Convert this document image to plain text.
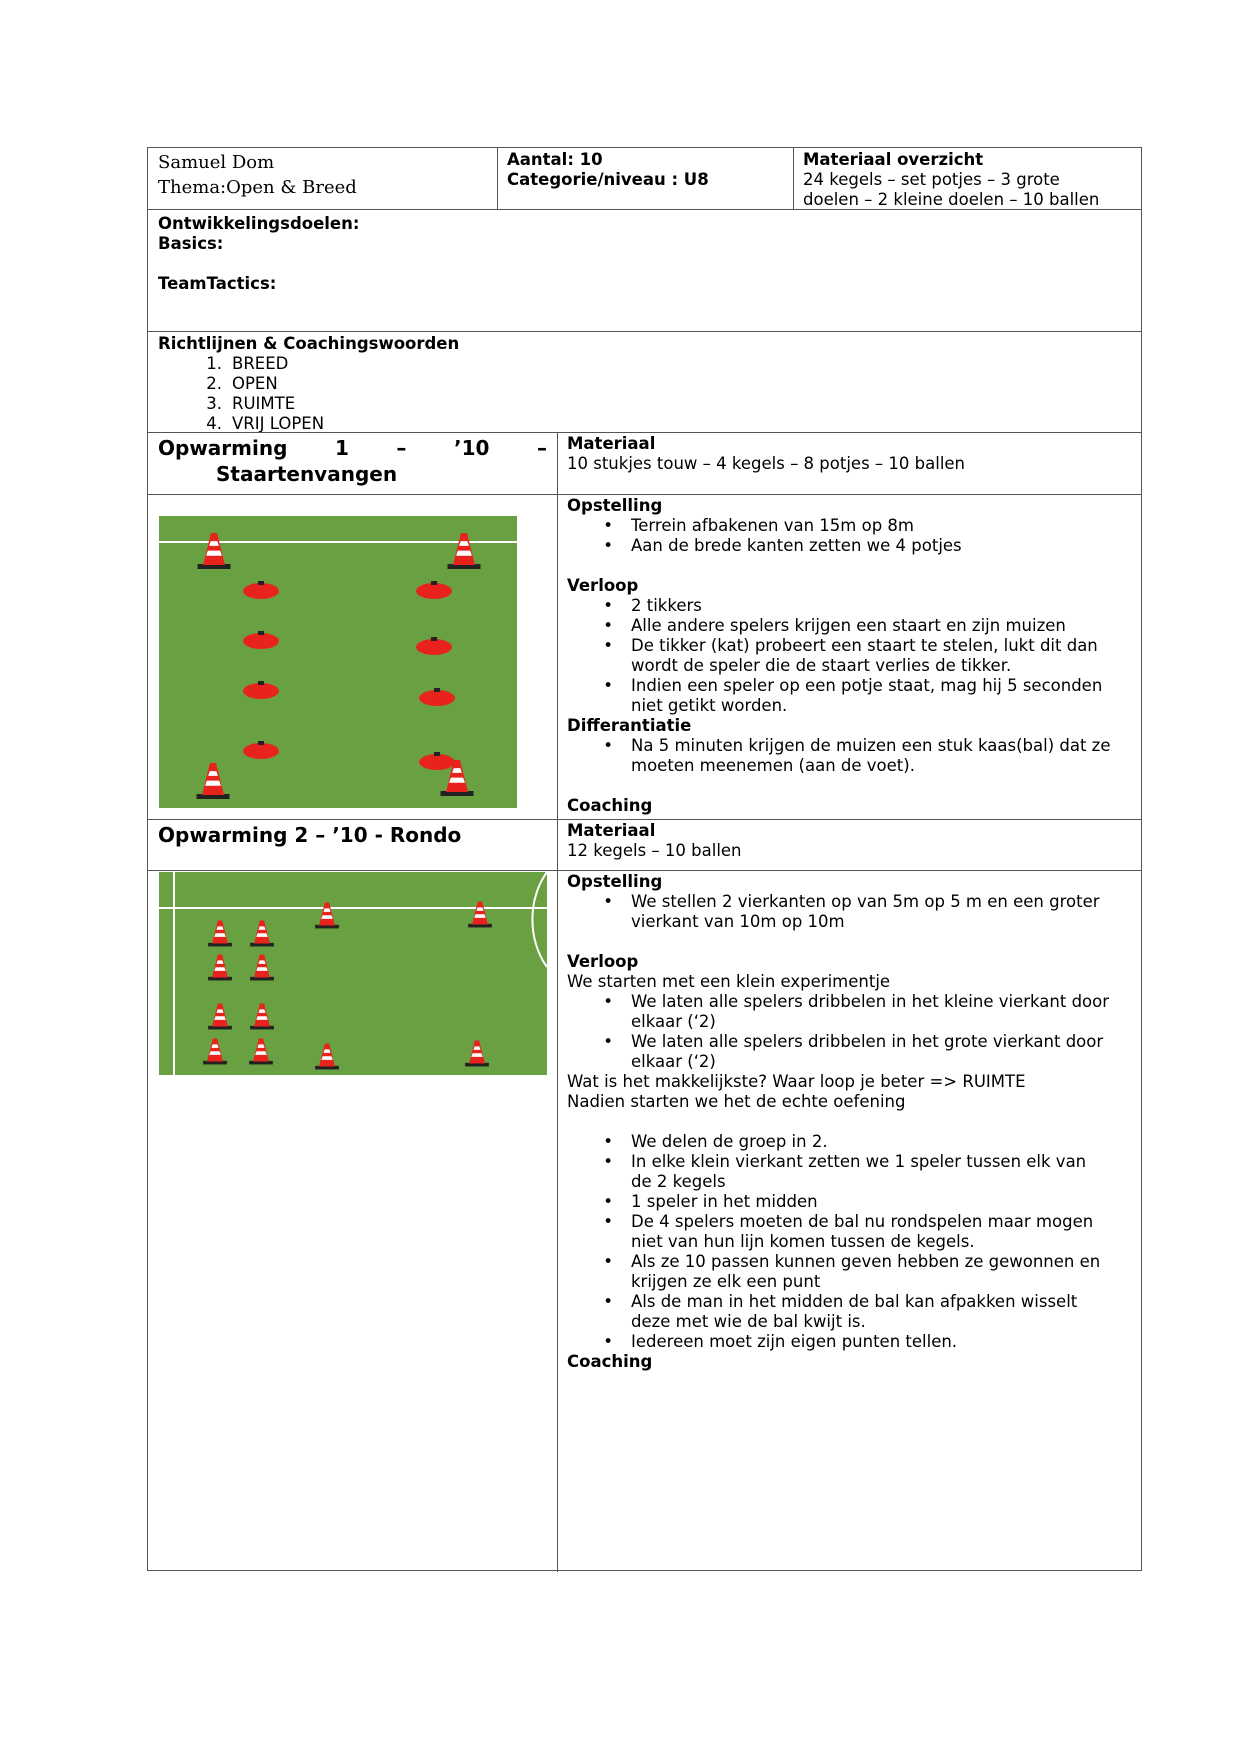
Samuel Dom
Thema:Open & Breed
Aantal: 10
Categorie/niveau : U8
Materiaal overzicht
24 kegels – set potjes – 3 grote
doelen – 2 kleine doelen – 10 ballen
Ontwikkelingsdoelen:
Basics:
TeamTactics:
Richtlijnen & Coachingswoorden
1. BREED
2. OPEN
3. RUIMTE
4. VRIJ LOPEN
Opwarming 1 – ’10 –
Staartenvangen
Materiaal
10 stukjes touw – 4 kegels – 8 potjes – 10 ballen
Opstelling
•	Terrein afbakenen van 15m op 8m
•	Aan de brede kanten zetten we 4 potjes
Verloop
•	2 tikkers
•	Alle andere spelers krijgen een staart en zijn muizen
•	De tikker (kat) probeert een staart te stelen, lukt dit dan
wordt de speler die de staart verlies de tikker.
•	Indien een speler op een potje staat, mag hij 5 seconden
niet getikt worden.
Differantiatie
•	Na 5 minuten krijgen de muizen een stuk kaas(bal) dat ze
moeten meenemen (aan de voet).
Coaching
Opwarming 2 – ’10 - Rondo	Materiaal
12 kegels – 10 ballen
Opstelling
•	We stellen 2 vierkanten op van 5m op 5 m en een groter
vierkant van 10m op 10m
Verloop
We starten met een klein experimentje
•	We laten alle spelers dribbelen in het kleine vierkant door
elkaar (‘2)
•	We laten alle spelers dribbelen in het grote vierkant door
elkaar (‘2)
Wat is het makkelijkste? Waar loop je beter => RUIMTE
Nadien starten we het de echte oefening
•	We delen de groep in 2.
•	In elke klein vierkant zetten we 1 speler tussen elk van
de 2 kegels
•	1 speler in het midden
•	De 4 spelers moeten de bal nu rondspelen maar mogen
niet van hun lijn komen tussen de kegels.
•	Als ze 10 passen kunnen geven hebben ze gewonnen en
krijgen ze elk een punt
•	Als de man in het midden de bal kan afpakken wisselt
deze met wie de bal kwijt is.
•	Iedereen moet zijn eigen punten tellen.
Coaching
